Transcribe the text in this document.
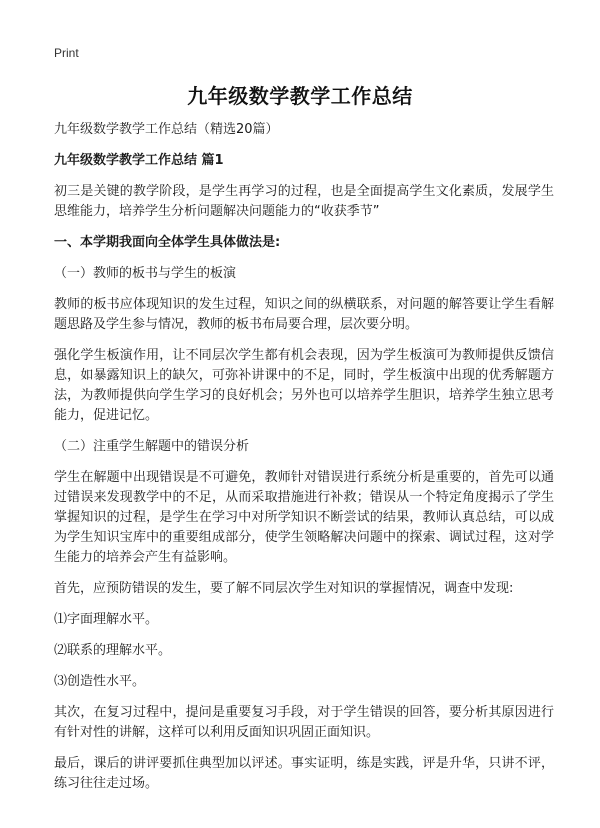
Print
九年级数学教学工作总结

九年级数学教学工作总结（精选20篇）

九年级数学教学工作总结 篇1

初三是关键的教学阶段，是学生再学习的过程，也是全面提高学生文化素质，发展学生思维能力，培养学生分析问题解决问题能力的“收获季节”

一、本学期我面向全体学生具体做法是:

（一）教师的板书与学生的板演

教师的板书应体现知识的发生过程，知识之间的纵横联系，对问题的解答要让学生看解题思路及学生参与情况，教师的板书布局要合理，层次要分明。

强化学生板演作用，让不同层次学生都有机会表现，因为学生板演可为教师提供反馈信息，如暴露知识上的缺欠，可弥补讲课中的不足，同时，学生板演中出现的优秀解题方法，为教师提供向学生学习的良好机会；另外也可以培养学生胆识，培养学生独立思考能力，促进记忆。

（二）注重学生解题中的错误分析

学生在解题中出现错误是不可避免，教师针对错误进行系统分析是重要的，首先可以通过错误来发现教学中的不足，从而采取措施进行补救；错误从一个特定角度揭示了学生掌握知识的过程，是学生在学习中对所学知识不断尝试的结果，教师认真总结，可以成为学生知识宝库中的重要组成部分，使学生领略解决问题中的探索、调试过程，这对学生能力的培养会产生有益影响。

首先，应预防错误的发生，要了解不同层次学生对知识的掌握情况，调查中发现:

⑴字面理解水平。

⑵联系的理解水平。

⑶创造性水平。

其次，在复习过程中，提问是重要复习手段，对于学生错误的回答，要分析其原因进行有针对性的讲解，这样可以利用反面知识巩固正面知识。

最后，课后的讲评要抓住典型加以评述。事实证明，练是实践，评是升华，只讲不评，练习往往走过场。
